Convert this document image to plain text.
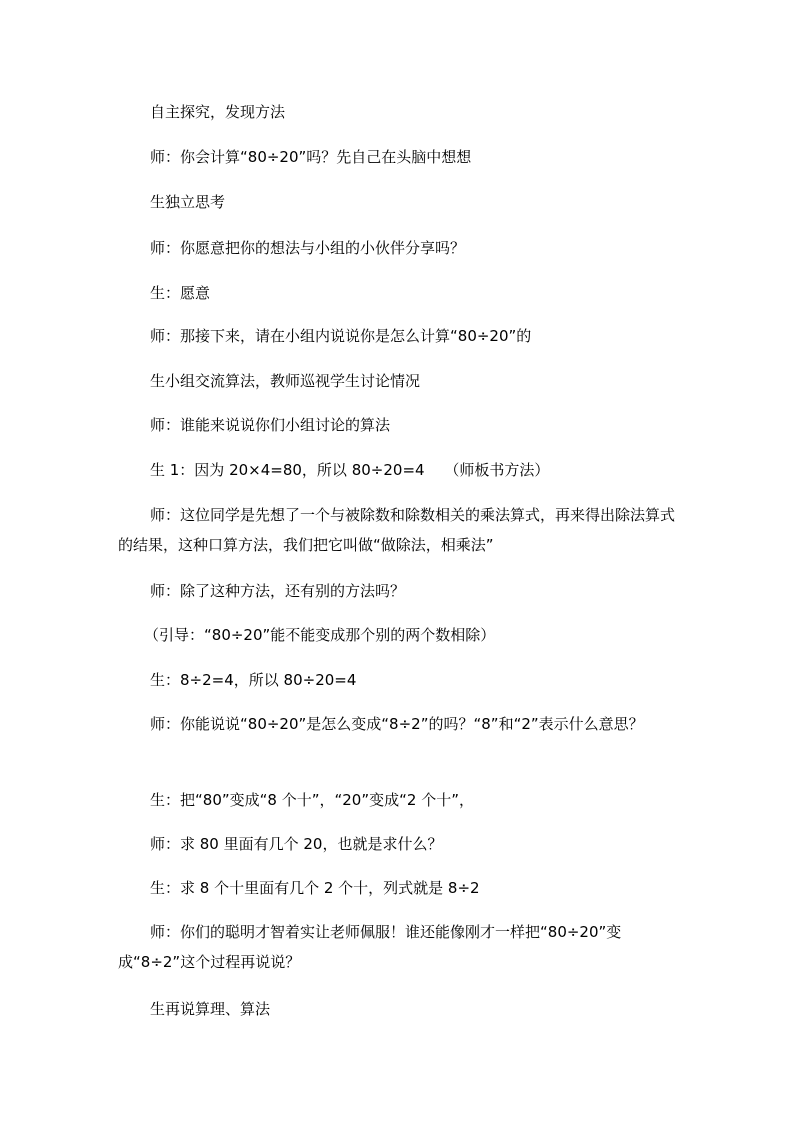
自主探究，发现方法

师：你会计算“80÷20”吗？先自己在头脑中想想

生独立思考

师：你愿意把你的想法与小组的小伙伴分享吗？

生：愿意

师：那接下来，请在小组内说说你是怎么计算“80÷20”的

生小组交流算法，教师巡视学生讨论情况

师：谁能来说说你们小组讨论的算法

生 1：因为 20×4=80，所以 80÷20=4　 （师板书方法）

师：这位同学是先想了一个与被除数和除数相关的乘法算式，再来得出除法算式的结果，这种口算方法，我们把它叫做“做除法，相乘法”

师：除了这种方法，还有别的方法吗？

（引导：“80÷20”能不能变成那个别的两个数相除）

生：8÷2=4，所以 80÷20=4

师：你能说说“80÷20”是怎么变成“8÷2”的吗？“8”和“2”表示什么意思？

生：把“80”变成“8 个十”，“20”变成“2 个十”，

师：求 80 里面有几个 20，也就是求什么？

生：求 8 个十里面有几个 2 个十，列式就是 8÷2

师：你们的聪明才智着实让老师佩服！谁还能像刚才一样把“80÷20”变成“8÷2”这个过程再说说？

生再说算理、算法
